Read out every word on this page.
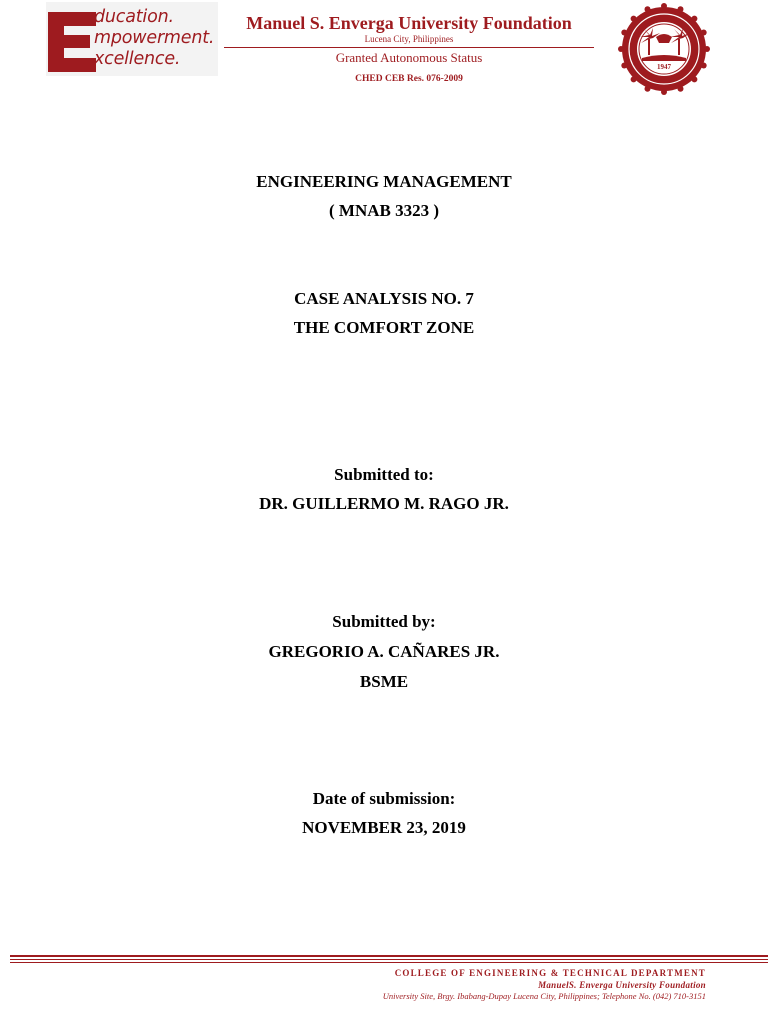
ducation.
mpowerment.
xcellence.
Manuel S. Enverga University Foundation
Lucena City, Philippines
Granted Autonomous Status
CHED CEB Res. 076-2009
1947
ENGINEERING MANAGEMENT
( MNAB 3323 )
CASE ANALYSIS NO. 7
THE COMFORT ZONE
Submitted to:
DR. GUILLERMO M. RAGO JR.
Submitted by:
GREGORIO A. CAÑARES JR.
BSME
Date of submission:
NOVEMBER 23, 2019
COLLEGE OF ENGINEERING & TECHNICAL DEPARTMENT
ManuelS. Enverga University Foundation
University Site, Brgy. Ibabang-Dupay Lucena City, Philippines; Telephone No. (042) 710-3151
